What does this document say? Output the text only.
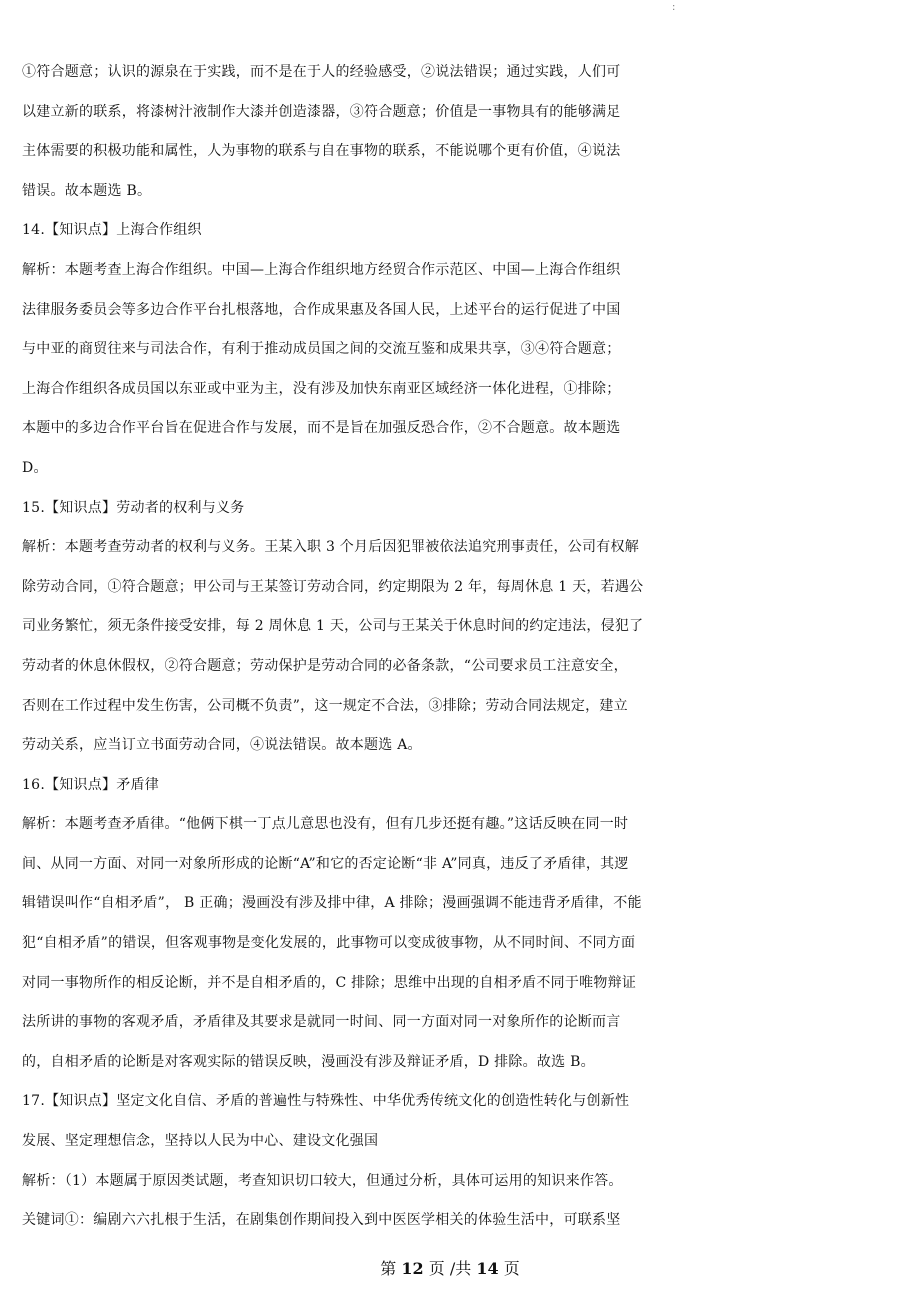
:
①符合题意；认识的源泉在于实践，而不是在于人的经验感受，②说法错误；通过实践，人们可
以建立新的联系，将漆树汁液制作大漆并创造漆器，③符合题意；价值是一事物具有的能够满足
主体需要的积极功能和属性，人为事物的联系与自在事物的联系，不能说哪个更有价值，④说法
错误。故本题选 B。
14.【知识点】上海合作组织
解析：本题考查上海合作组织。中国—上海合作组织地方经贸合作示范区、中国—上海合作组织
法律服务委员会等多边合作平台扎根落地，合作成果惠及各国人民，上述平台的运行促进了中国
与中亚的商贸往来与司法合作，有利于推动成员国之间的交流互鉴和成果共享，③④符合题意；
上海合作组织各成员国以东亚或中亚为主，没有涉及加快东南亚区域经济一体化进程，①排除；
本题中的多边合作平台旨在促进合作与发展，而不是旨在加强反恐合作，②不合题意。故本题选
D。
15.【知识点】劳动者的权利与义务
解析：本题考查劳动者的权利与义务。王某入职 3 个月后因犯罪被依法追究刑事责任，公司有权解
除劳动合同，①符合题意；甲公司与王某签订劳动合同，约定期限为 2 年，每周休息 1 天，若遇公
司业务繁忙，须无条件接受安排，每 2 周休息 1 天，公司与王某关于休息时间的约定违法，侵犯了
劳动者的休息休假权，②符合题意；劳动保护是劳动合同的必备条款，“公司要求员工注意安全，
否则在工作过程中发生伤害，公司概不负责”，这一规定不合法，③排除；劳动合同法规定，建立
劳动关系，应当订立书面劳动合同，④说法错误。故本题选 A。
16.【知识点】矛盾律
解析：本题考查矛盾律。“他俩下棋一丁点儿意思也没有，但有几步还挺有趣。”这话反映在同一时
间、从同一方面、对同一对象所形成的论断“A”和它的否定论断“非 A”同真，违反了矛盾律，其逻
辑错误叫作“自相矛盾”， B 正确；漫画没有涉及排中律，A 排除；漫画强调不能违背矛盾律，不能
犯“自相矛盾”的错误，但客观事物是变化发展的，此事物可以变成彼事物，从不同时间、不同方面
对同一事物所作的相反论断，并不是自相矛盾的，C 排除；思维中出现的自相矛盾不同于唯物辩证
法所讲的事物的客观矛盾，矛盾律及其要求是就同一时间、同一方面对同一对象所作的论断而言
的，自相矛盾的论断是对客观实际的错误反映，漫画没有涉及辩证矛盾，D 排除。故选 B。
17.【知识点】坚定文化自信、矛盾的普遍性与特殊性、中华优秀传统文化的创造性转化与创新性
发展、坚定理想信念，坚持以人民为中心、建设文化强国
解析：（1）本题属于原因类试题，考查知识切口较大，但通过分析，具体可运用的知识来作答。
关键词①：编剧六六扎根于生活，在剧集创作期间投入到中医医学相关的体验生活中，可联系坚
第 12 页 /共 14 页
